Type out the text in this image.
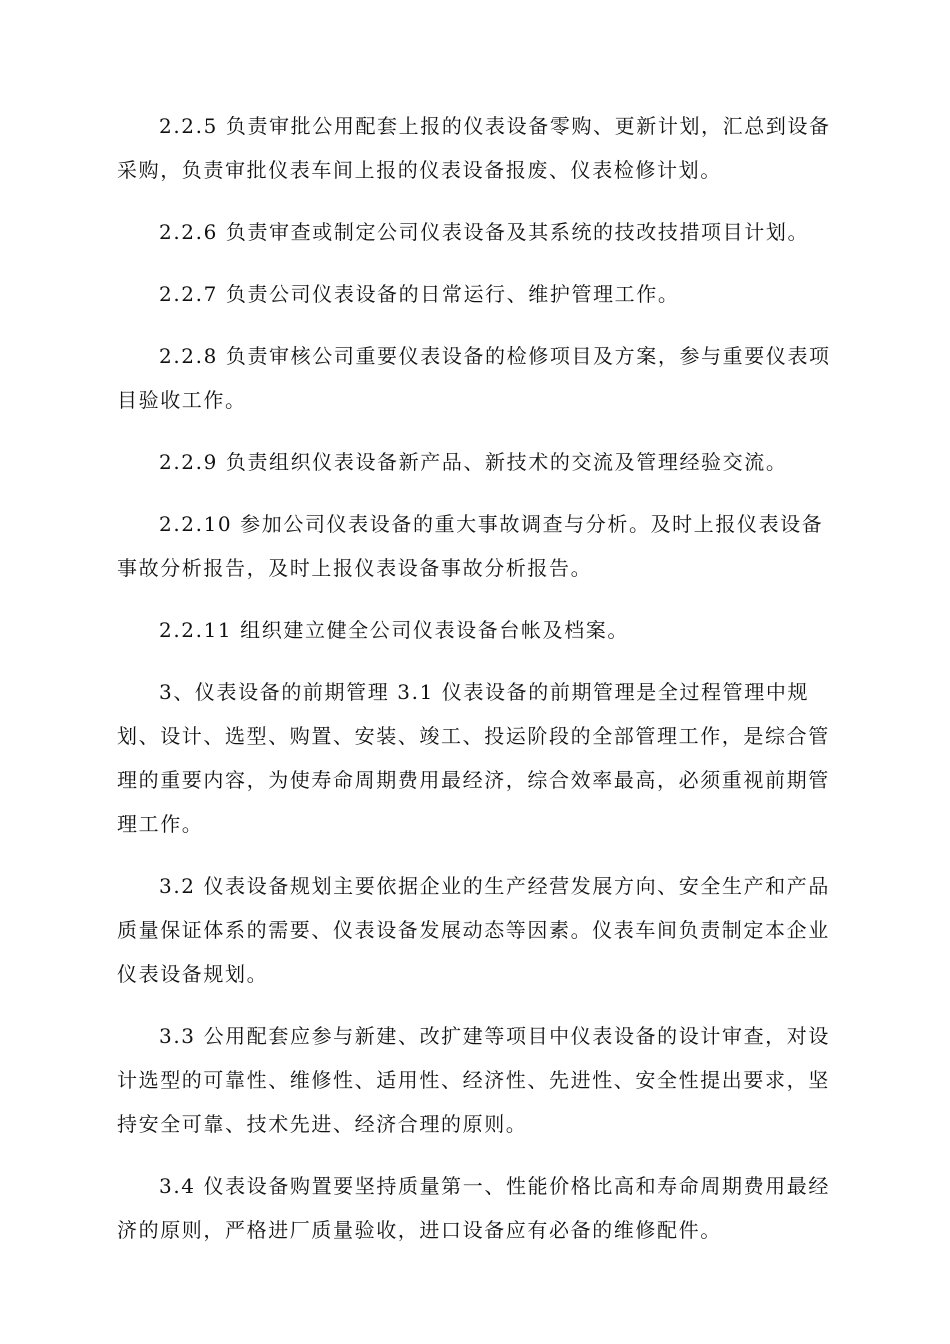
2.2.5 负责审批公用配套上报的仪表设备零购、更新计划，汇总到设备采购，负责审批仪表车间上报的仪表设备报废、仪表检修计划。

2.2.6 负责审查或制定公司仪表设备及其系统的技改技措项目计划。

2.2.7 负责公司仪表设备的日常运行、维护管理工作。

2.2.8 负责审核公司重要仪表设备的检修项目及方案，参与重要仪表项目验收工作。

2.2.9 负责组织仪表设备新产品、新技术的交流及管理经验交流。

2.2.10 参加公司仪表设备的重大事故调查与分析。及时上报仪表设备事故分析报告，及时上报仪表设备事故分析报告。

2.2.11 组织建立健全公司仪表设备台帐及档案。

3、仪表设备的前期管理 3.1 仪表设备的前期管理是全过程管理中规划、设计、选型、购置、安装、竣工、投运阶段的全部管理工作，是综合管理的重要内容，为使寿命周期费用最经济，综合效率最高，必须重视前期管理工作。

3.2 仪表设备规划主要依据企业的生产经营发展方向、安全生产和产品质量保证体系的需要、仪表设备发展动态等因素。仪表车间负责制定本企业仪表设备规划。

3.3 公用配套应参与新建、改扩建等项目中仪表设备的设计审查，对设计选型的可靠性、维修性、适用性、经济性、先进性、安全性提出要求，坚持安全可靠、技术先进、经济合理的原则。

3.4 仪表设备购置要坚持质量第一、性能价格比高和寿命周期费用最经济的原则，严格进厂质量验收，进口设备应有必备的维修配件。
